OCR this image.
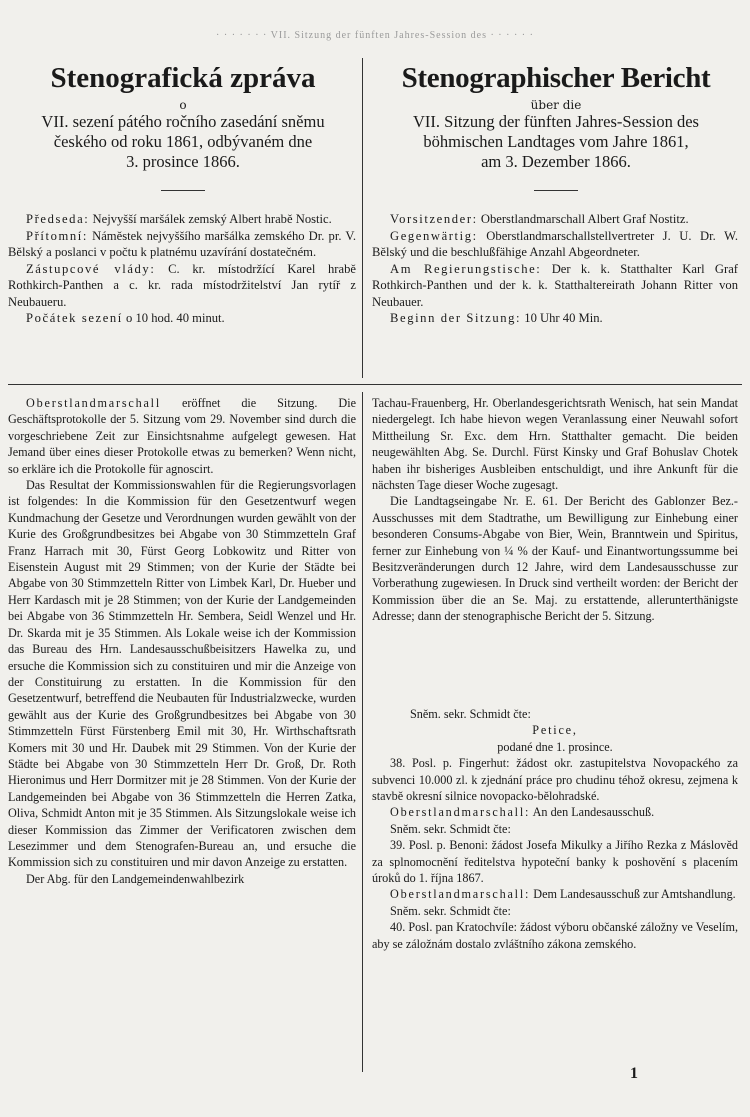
· · · · · · · VII. Sitzung der fünften Jahres-Session des · · · · · ·
Stenografická zpráva
o
VII. sezení pátého ročního zasedání sněmu
českého od roku 1861, odbývaném dne
3. prosince 1866.
Stenographischer Bericht
über die
VII. Sitzung der fünften Jahres-Session des
böhmischen Landtages vom Jahre 1861,
am 3. Dezember 1866.

Předseda: Nejvyšší maršálek zemský Albert hrabě Nostic.

Přítomní: Náměstek nejvyššího maršálka zemského Dr. pr. V. Bělský a poslanci v počtu k platnému uzavírání dostatečném.

Zástupcové vlády: C. kr. místodržící Karel hrabě Rothkirch-Panthen a c. kr. rada místodržitelství Jan rytíř z Neubaueru.

Počátek sezení o 10 hod. 40 minut.

Vorsitzender: Oberstlandmarschall Albert Graf Nostitz.

Gegenwärtig: Oberstlandmarschallstellvertreter J. U. Dr. W. Bělský und die beschlußfähige Anzahl Abgeordneter.

Am Regierungstische: Der k. k. Statthalter Karl Graf Rothkirch-Panthen und der k. k. Statthaltereirath Johann Ritter von Neubauer.

Beginn der Sitzung: 10 Uhr 40 Min.

Oberstlandmarschall eröffnet die Sitzung. Die Geschäftsprotokolle der 5. Sitzung vom 29. November sind durch die vorgeschriebene Zeit zur Einsichtsnahme aufgelegt gewesen. Hat Jemand über eines dieser Protokolle etwas zu bemerken? Wenn nicht, so erkläre ich die Protokolle für agnoscirt.

Das Resultat der Kommissionswahlen für die Regierungsvorlagen ist folgendes: In die Kommission für den Gesetzentwurf wegen Kundmachung der Gesetze und Verordnungen wurden gewählt von der Kurie des Großgrundbesitzes bei Abgabe von 30 Stimmzetteln Graf Franz Harrach mit 30, Fürst Georg Lobkowitz und Ritter von Eisenstein August mit 29 Stimmen; von der Kurie der Städte bei Abgabe von 30 Stimmzetteln Ritter von Limbek Karl, Dr. Hueber und Herr Kardasch mit je 28 Stimmen; von der Kurie der Landgemeinden bei Abgabe von 36 Stimmzetteln Hr. Sembera, Seidl Wenzel und Hr. Dr. Skarda mit je 35 Stimmen. Als Lokale weise ich der Kommission das Bureau des Hrn. Landesausschußbeisitzers Hawelka zu, und ersuche die Kommission sich zu constituiren und mir die Anzeige von der Constituirung zu erstatten. In die Kommission für den Gesetzentwurf, betreffend die Neubauten für Industrialzwecke, wurden gewählt aus der Kurie des Großgrundbesitzes bei Abgabe von 30 Stimmzetteln Fürst Fürstenberg Emil mit 30, Hr. Wirthschaftsrath Komers mit 30 und Hr. Daubek mit 29 Stimmen. Von der Kurie der Städte bei Abgabe von 30 Stimmzetteln Herr Dr. Groß, Dr. Roth Hieronimus und Herr Dormitzer mit je 28 Stimmen. Von der Kurie der Landgemeinden bei Abgabe von 36 Stimmzetteln die Herren Zatka, Oliva, Schmidt Anton mit je 35 Stimmen. Als Sitzungslokale weise ich dieser Kommission das Zimmer der Verificatoren zwischen dem Lesezimmer und dem Stenografen-Bureau an, und ersuche die Kommission sich zu constituiren und mir davon Anzeige zu erstatten.

Der Abg. für den Landgemeindenwahlbezirk

Tachau-Frauenberg, Hr. Oberlandesgerichtsrath Wenisch, hat sein Mandat niedergelegt. Ich habe hievon wegen Veranlassung einer Neuwahl sofort Mittheilung Sr. Exc. dem Hrn. Statthalter gemacht. Die beiden neugewählten Abg. Se. Durchl. Fürst Kinsky und Graf Bohuslav Chotek haben ihr bisheriges Ausbleiben entschuldigt, und ihre Ankunft für die nächsten Tage dieser Woche zugesagt.

Die Landtagseingabe Nr. E. 61. Der Bericht des Gablonzer Bez.-Ausschusses mit dem Stadtrathe, um Bewilligung zur Einhebung einer besonderen Consums-Abgabe von Bier, Wein, Branntwein und Spiritus, ferner zur Einhebung von ¼ % der Kauf- und Einantwortungssumme bei Besitzveränderungen durch 12 Jahre, wird dem Landesausschusse zur Vorberathung zugewiesen. In Druck sind vertheilt worden: der Bericht der Kommission über die an Se. Maj. zu erstattende, allerunterthänigste Adresse; dann der stenographische Bericht der 5. Sitzung.

Sněm. sekr. Schmidt čte:

Petice,

podané dne 1. prosince.

38. Posl. p. Fingerhut: žádost okr. zastupitelstva Novopackého za subvenci 10.000 zl. k zjednání práce pro chudinu téhož okresu, zejmena k stavbě okresní silnice novopacko-bělohradské.

Oberstlandmarschall: An den Landesausschuß.

Sněm. sekr. Schmidt čte:

39. Posl. p. Benoni: žádost Josefa Mikulky a Jiřího Rezka z Máslověd za splnomocnění ředitelstva hypoteční banky k poshovění s placením úroků do 1. října 1867.

Oberstlandmarschall: Dem Landesausschuß zur Amtshandlung.

Sněm. sekr. Schmidt čte:

40. Posl. pan Kratochvíle: žádost výboru občanské záložny ve Veselím, aby se záložnám dostalo zvláštního zákona zemského.

1
